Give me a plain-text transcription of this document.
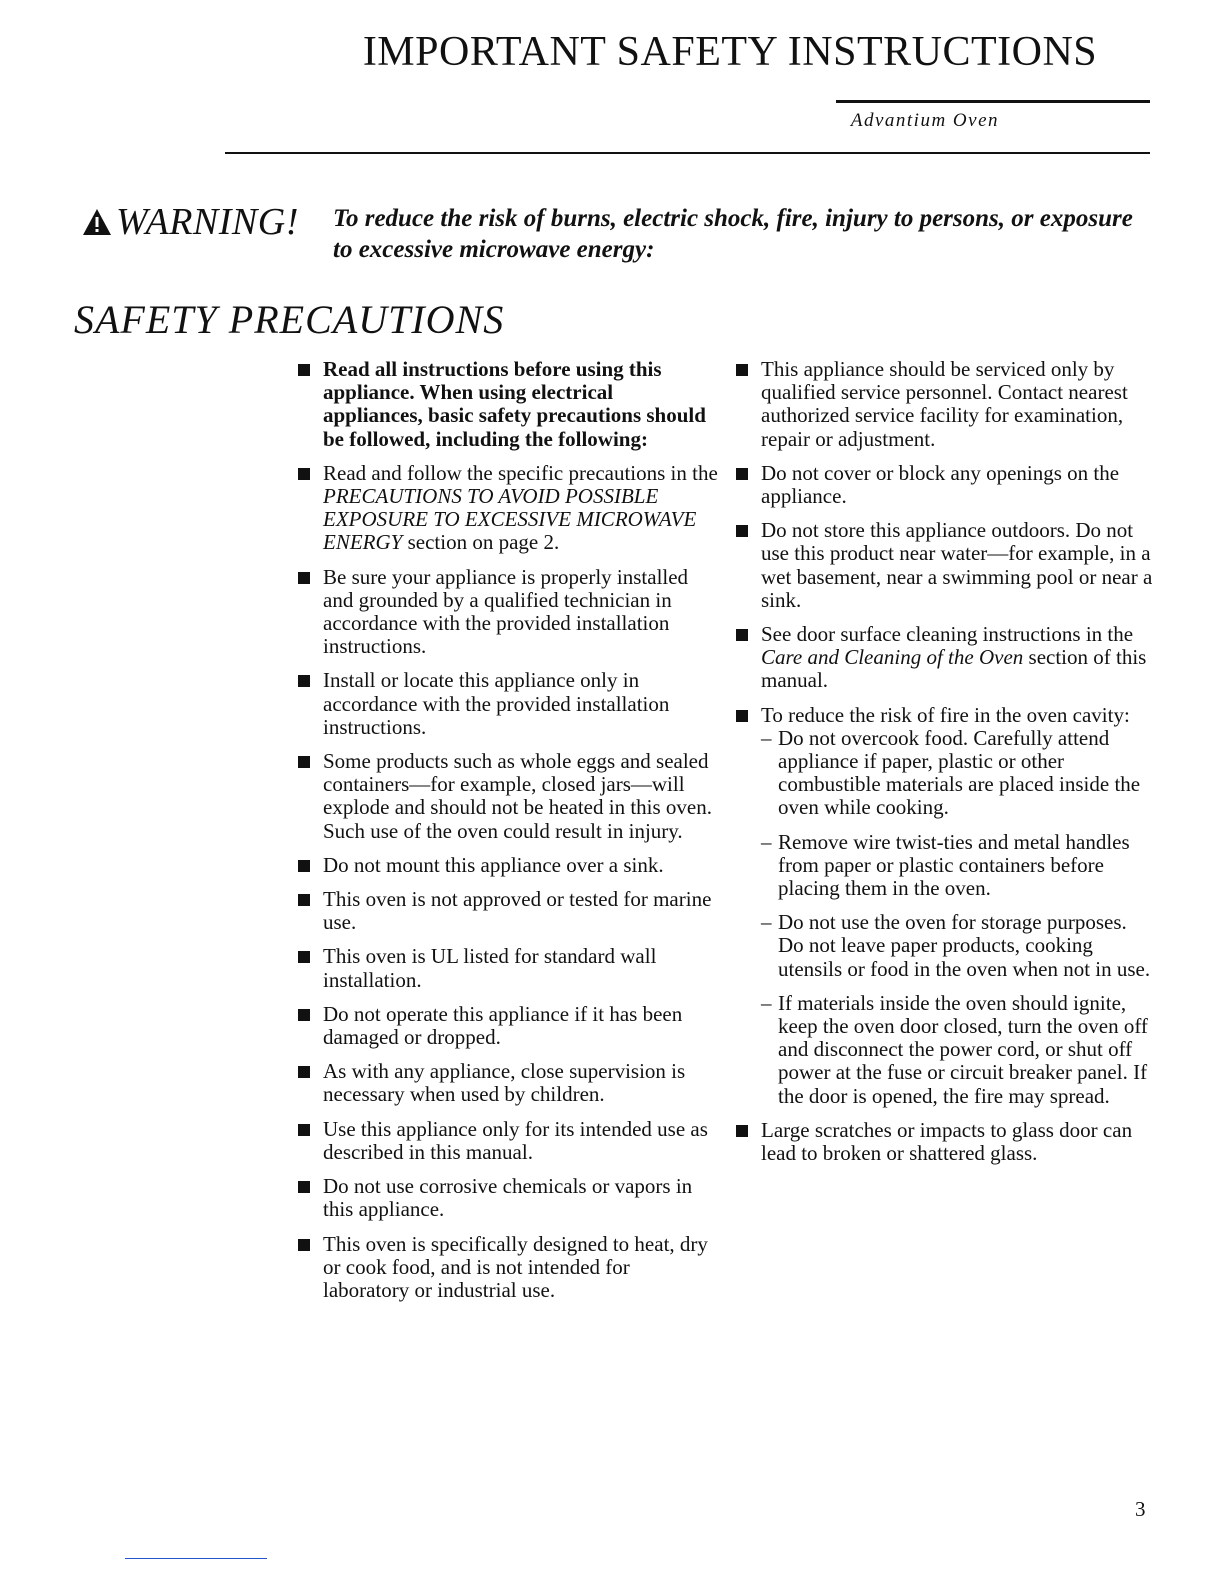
IMPORTANT SAFETY INSTRUCTIONS
Advantium Oven
WARNING! To reduce the risk of burns, electric shock, fire, injury to persons, or exposure to excessive microwave energy:
SAFETY PRECAUTIONS
Read all instructions before using this appliance. When using electrical appliances, basic safety precautions should be followed, including the following:
Read and follow the specific precautions in the PRECAUTIONS TO AVOID POSSIBLE EXPOSURE TO EXCESSIVE MICROWAVE ENERGY section on page 2.
Be sure your appliance is properly installed and grounded by a qualified technician in accordance with the provided installation instructions.
Install or locate this appliance only in accordance with the provided installation instructions.
Some products such as whole eggs and sealed containers—for example, closed jars—will explode and should not be heated in this oven. Such use of the oven could result in injury.
Do not mount this appliance over a sink.
This oven is not approved or tested for marine use.
This oven is UL listed for standard wall installation.
Do not operate this appliance if it has been damaged or dropped.
As with any appliance, close supervision is necessary when used by children.
Use this appliance only for its intended use as described in this manual.
Do not use corrosive chemicals or vapors in this appliance.
This oven is specifically designed to heat, dry or cook food, and is not intended for laboratory or industrial use.
This appliance should be serviced only by qualified service personnel. Contact nearest authorized service facility for examination, repair or adjustment.
Do not cover or block any openings on the appliance.
Do not store this appliance outdoors. Do not use this product near water—for example, in a wet basement, near a swimming pool or near a sink.
See door surface cleaning instructions in the Care and Cleaning of the Oven section of this manual.
To reduce the risk of fire in the oven cavity:
– Do not overcook food. Carefully attend appliance if paper, plastic or other combustible materials are placed inside the oven while cooking.
– Remove wire twist-ties and metal handles from paper or plastic containers before placing them in the oven.
– Do not use the oven for storage purposes. Do not leave paper products, cooking utensils or food in the oven when not in use.
– If materials inside the oven should ignite, keep the oven door closed, turn the oven off and disconnect the power cord, or shut off power at the fuse or circuit breaker panel. If the door is opened, the fire may spread.
Large scratches or impacts to glass door can lead to broken or shattered glass.
3
